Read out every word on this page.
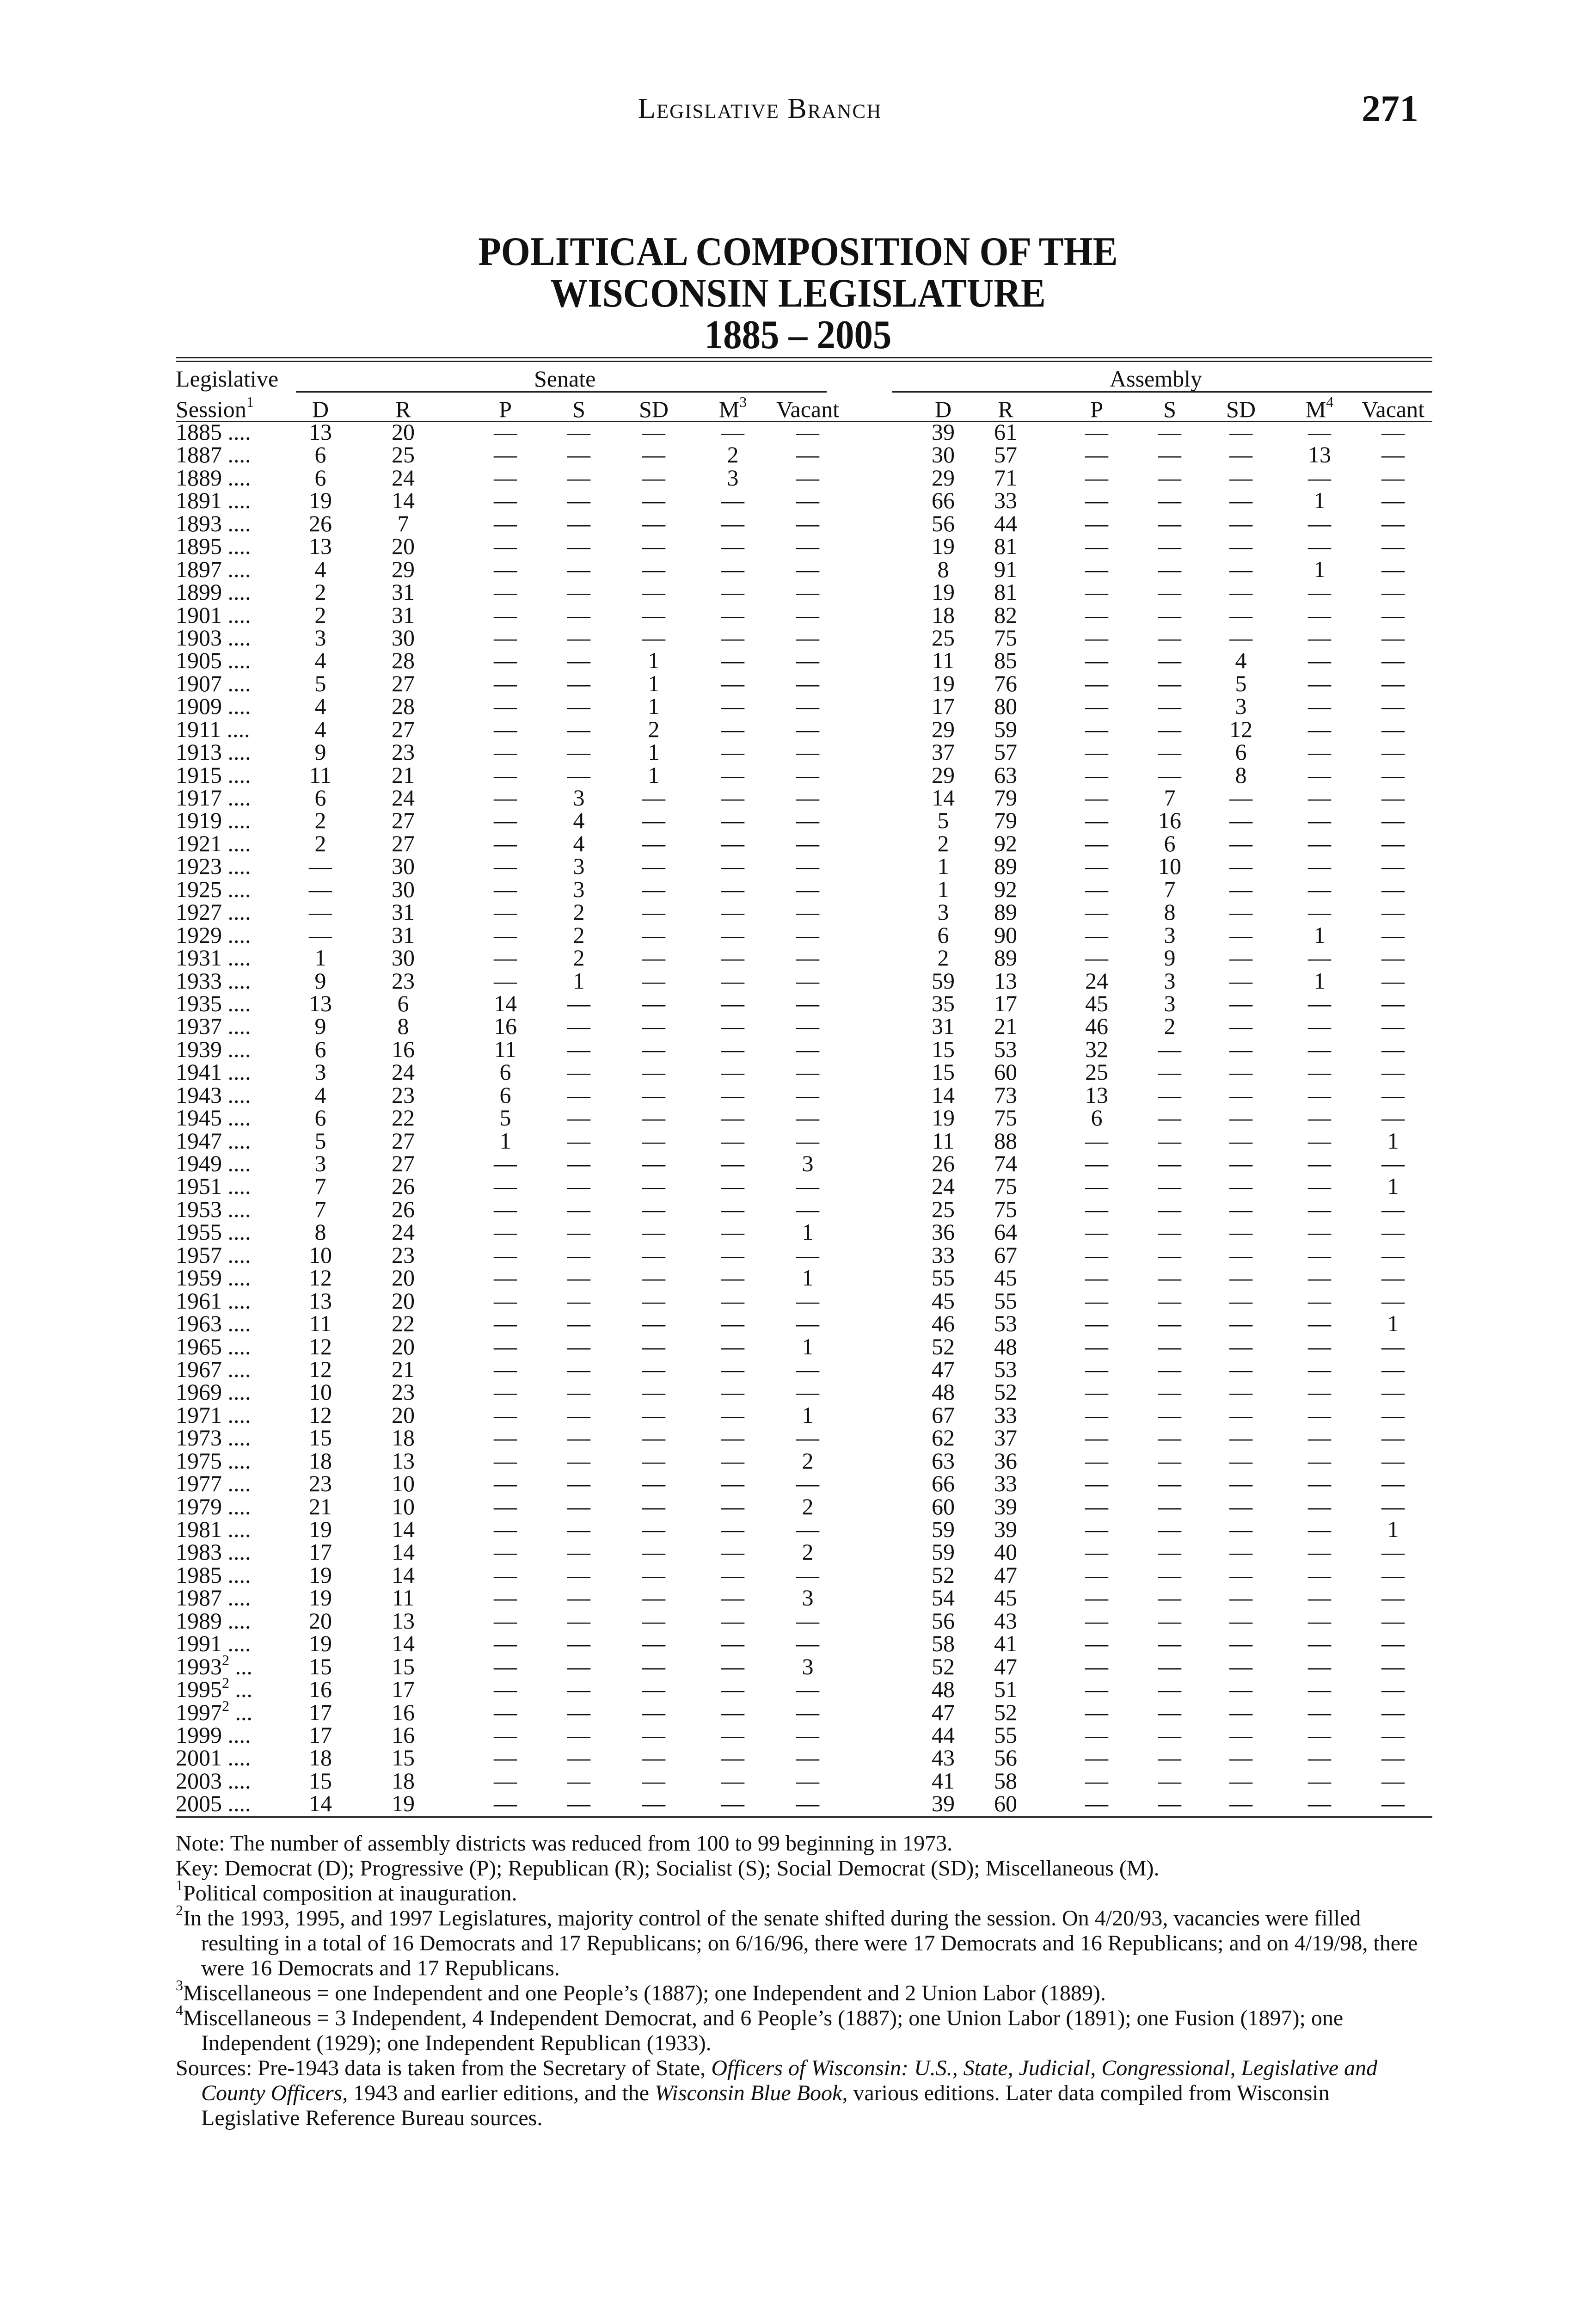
Legislative Branch	271
POLITICAL COMPOSITION OF THE
WISCONSIN LEGISLATURE
1885 – 2005
Legislative
Session$^1$
Senate	Assembly
D	R	P	S	SD	$M^3$	Vacant	D	R	P	S	SD	$M^4$	Vacant
1885 ....	13	20	—	—	—	—	—	39	61	—	—	—	—	—
1887 ....	6	25	—	—	—	2	—	30	57	—	—	—	13	—
1889 ....	6	24	—	—	—	3	—	29	71	—	—	—	—	—
1891 ....	19	14	—	—	—	—	—	66	33	—	—	—	1	—
1893 ....	26	7	—	—	—	—	—	56	44	—	—	—	—	—
1895 ....	13	20	—	—	—	—	—	19	81	—	—	—	—	—
1897 ....	4	29	—	—	—	—	—	8	91	—	—	—	1	—
1899 ....	2	31	—	—	—	—	—	19	81	—	—	—	—	—
1901 ....	2	31	—	—	—	—	—	18	82	—	—	—	—	—
1903 ....	3	30	—	—	—	—	—	25	75	—	—	—	—	—
1905 ....	4	28	—	—	1	—	—	11	85	—	—	4	—	—
1907 ....	5	27	—	—	1	—	—	19	76	—	—	5	—	—
1909 ....	4	28	—	—	1	—	—	17	80	—	—	3	—	—
1911 ....	4	27	—	—	2	—	—	29	59	—	—	12	—	—
1913 ....	9	23	—	—	1	—	—	37	57	—	—	6	—	—
1915 ....	11	21	—	—	1	—	—	29	63	—	—	8	—	—
1917 ....	6	24	—	3	—	—	—	14	79	—	7	—	—	—
1919 ....	2	27	—	4	—	—	—	5	79	—	16	—	—	—
1921 ....	2	27	—	4	—	—	—	2	92	—	6	—	—	—
1923 ....	—	30	—	3	—	—	—	1	89	—	10	—	—	—
1925 ....	—	30	—	3	—	—	—	1	92	—	7	—	—	—
1927 ....	—	31	—	2	—	—	—	3	89	—	8	—	—	—
1929 ....	—	31	—	2	—	—	—	6	90	—	3	—	1	—
1931 ....	1	30	—	2	—	—	—	2	89	—	9	—	—	—
1933 ....	9	23	—	1	—	—	—	59	13	24	3	—	1	—
1935 ....	13	6	14	—	—	—	—	35	17	45	3	—	—	—
1937 ....	9	8	16	—	—	—	—	31	21	46	2	—	—	—
1939 ....	6	16	11	—	—	—	—	15	53	32	—	—	—	—
1941 ....	3	24	6	—	—	—	—	15	60	25	—	—	—	—
1943 ....	4	23	6	—	—	—	—	14	73	13	—	—	—	—
1945 ....	6	22	5	—	—	—	—	19	75	6	—	—	—	—
1947 ....	5	27	1	—	—	—	—	11	88	—	—	—	—	1
1949 ....	3	27	—	—	—	—	3	26	74	—	—	—	—	—
1951 ....	7	26	—	—	—	—	—	24	75	—	—	—	—	1
1953 ....	7	26	—	—	—	—	—	25	75	—	—	—	—	—
1955 ....	8	24	—	—	—	—	1	36	64	—	—	—	—	—
1957 ....	10	23	—	—	—	—	—	33	67	—	—	—	—	—
1959 ....	12	20	—	—	—	—	1	55	45	—	—	—	—	—
1961 ....	13	20	—	—	—	—	—	45	55	—	—	—	—	—
1963 ....	11	22	—	—	—	—	—	46	53	—	—	—	—	1
1965 ....	12	20	—	—	—	—	1	52	48	—	—	—	—	—
1967 ....	12	21	—	—	—	—	—	47	53	—	—	—	—	—
1969 ....	10	23	—	—	—	—	—	48	52	—	—	—	—	—
1971 ....	12	20	—	—	—	—	1	67	33	—	—	—	—	—
1973 ....	15	18	—	—	—	—	—	62	37	—	—	—	—	—
1975 ....	18	13	—	—	—	—	2	63	36	—	—	—	—	—
1977 ....	23	10	—	—	—	—	—	66	33	—	—	—	—	—
1979 ....	21	10	—	—	—	—	2	60	39	—	—	—	—	—
1981 ....	19	14	—	—	—	—	—	59	39	—	—	—	—	1
1983 ....	17	14	—	—	—	—	2	59	40	—	—	—	—	—
1985 ....	19	14	—	—	—	—	—	52	47	—	—	—	—	—
1987 ....	19	11	—	—	—	—	3	54	45	—	—	—	—	—
1989 ....	20	13	—	—	—	—	—	56	43	—	—	—	—	—
1991 ....	19	14	—	—	—	—	—	58	41	—	—	—	—	—
1993$^2$ ...	15	15	—	—	—	—	3	52	47	—	—	—	—	—
1995$^2$ ...	16	17	—	—	—	—	—	48	51	—	—	—	—	—
1997$^2$ ...	17	16	—	—	—	—	—	47	52	—	—	—	—	—
1999 ....	17	16	—	—	—	—	—	44	55	—	—	—	—	—
2001 ....	18	15	—	—	—	—	—	43	56	—	—	—	—	—
2003 ....	15	18	—	—	—	—	—	41	58	—	—	—	—	—
2005 ....	14	19	—	—	—	—	—	39	60	—	—	—	—	—

Note: The number of assembly districts was reduced from 100 to 99 beginning in 1973.

Key: Democrat (D); Progressive (P); Republican (R); Socialist (S); Social Democrat (SD); Miscellaneous (M).

$^1$Political composition at inauguration.

$^2$In the 1993, 1995, and 1997 Legislatures, majority control of the senate shifted during the session. On 4/20/93, vacancies were filled resulting in a total of 16 Democrats and 17 Republicans; on 6/16/96, there were 17 Democrats and 16 Republicans; and on 4/19/98, there were 16 Democrats and 17 Republicans.

$^3$Miscellaneous = one Independent and one People’s (1887); one Independent and 2 Union Labor (1889).

$^4$Miscellaneous = 3 Independent, 4 Independent Democrat, and 6 People’s (1887); one Union Labor (1891); one Fusion (1897); one Independent (1929); one Independent Republican (1933).

Sources: Pre-1943 data is taken from the Secretary of State, Officers of Wisconsin: U.S., State, Judicial, Congressional, Legislative and County Officers, 1943 and earlier editions, and the Wisconsin Blue Book, various editions. Later data compiled from Wisconsin Legislative Reference Bureau sources.
